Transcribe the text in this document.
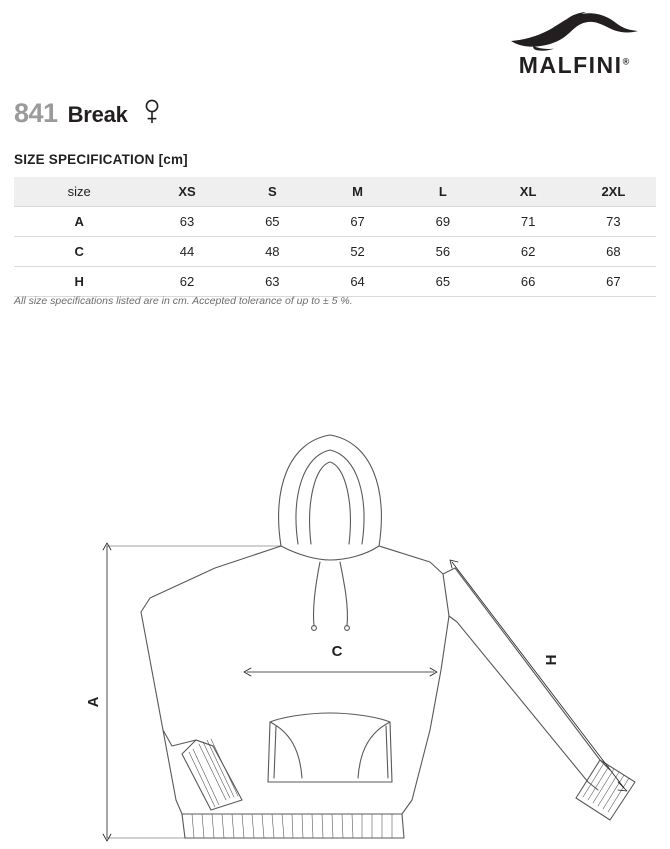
MALFINI®
841 Break
SIZE SPECIFICATION [cm]
size	XS	S	M	L	XL	2XL
A	63	65	67	69	71	73
C	44	48	52	56	62	68
H	62	63	64	65	66	67
All size specifications listed are in cm. Accepted tolerance of up to ± 5 %.
A
C	H
